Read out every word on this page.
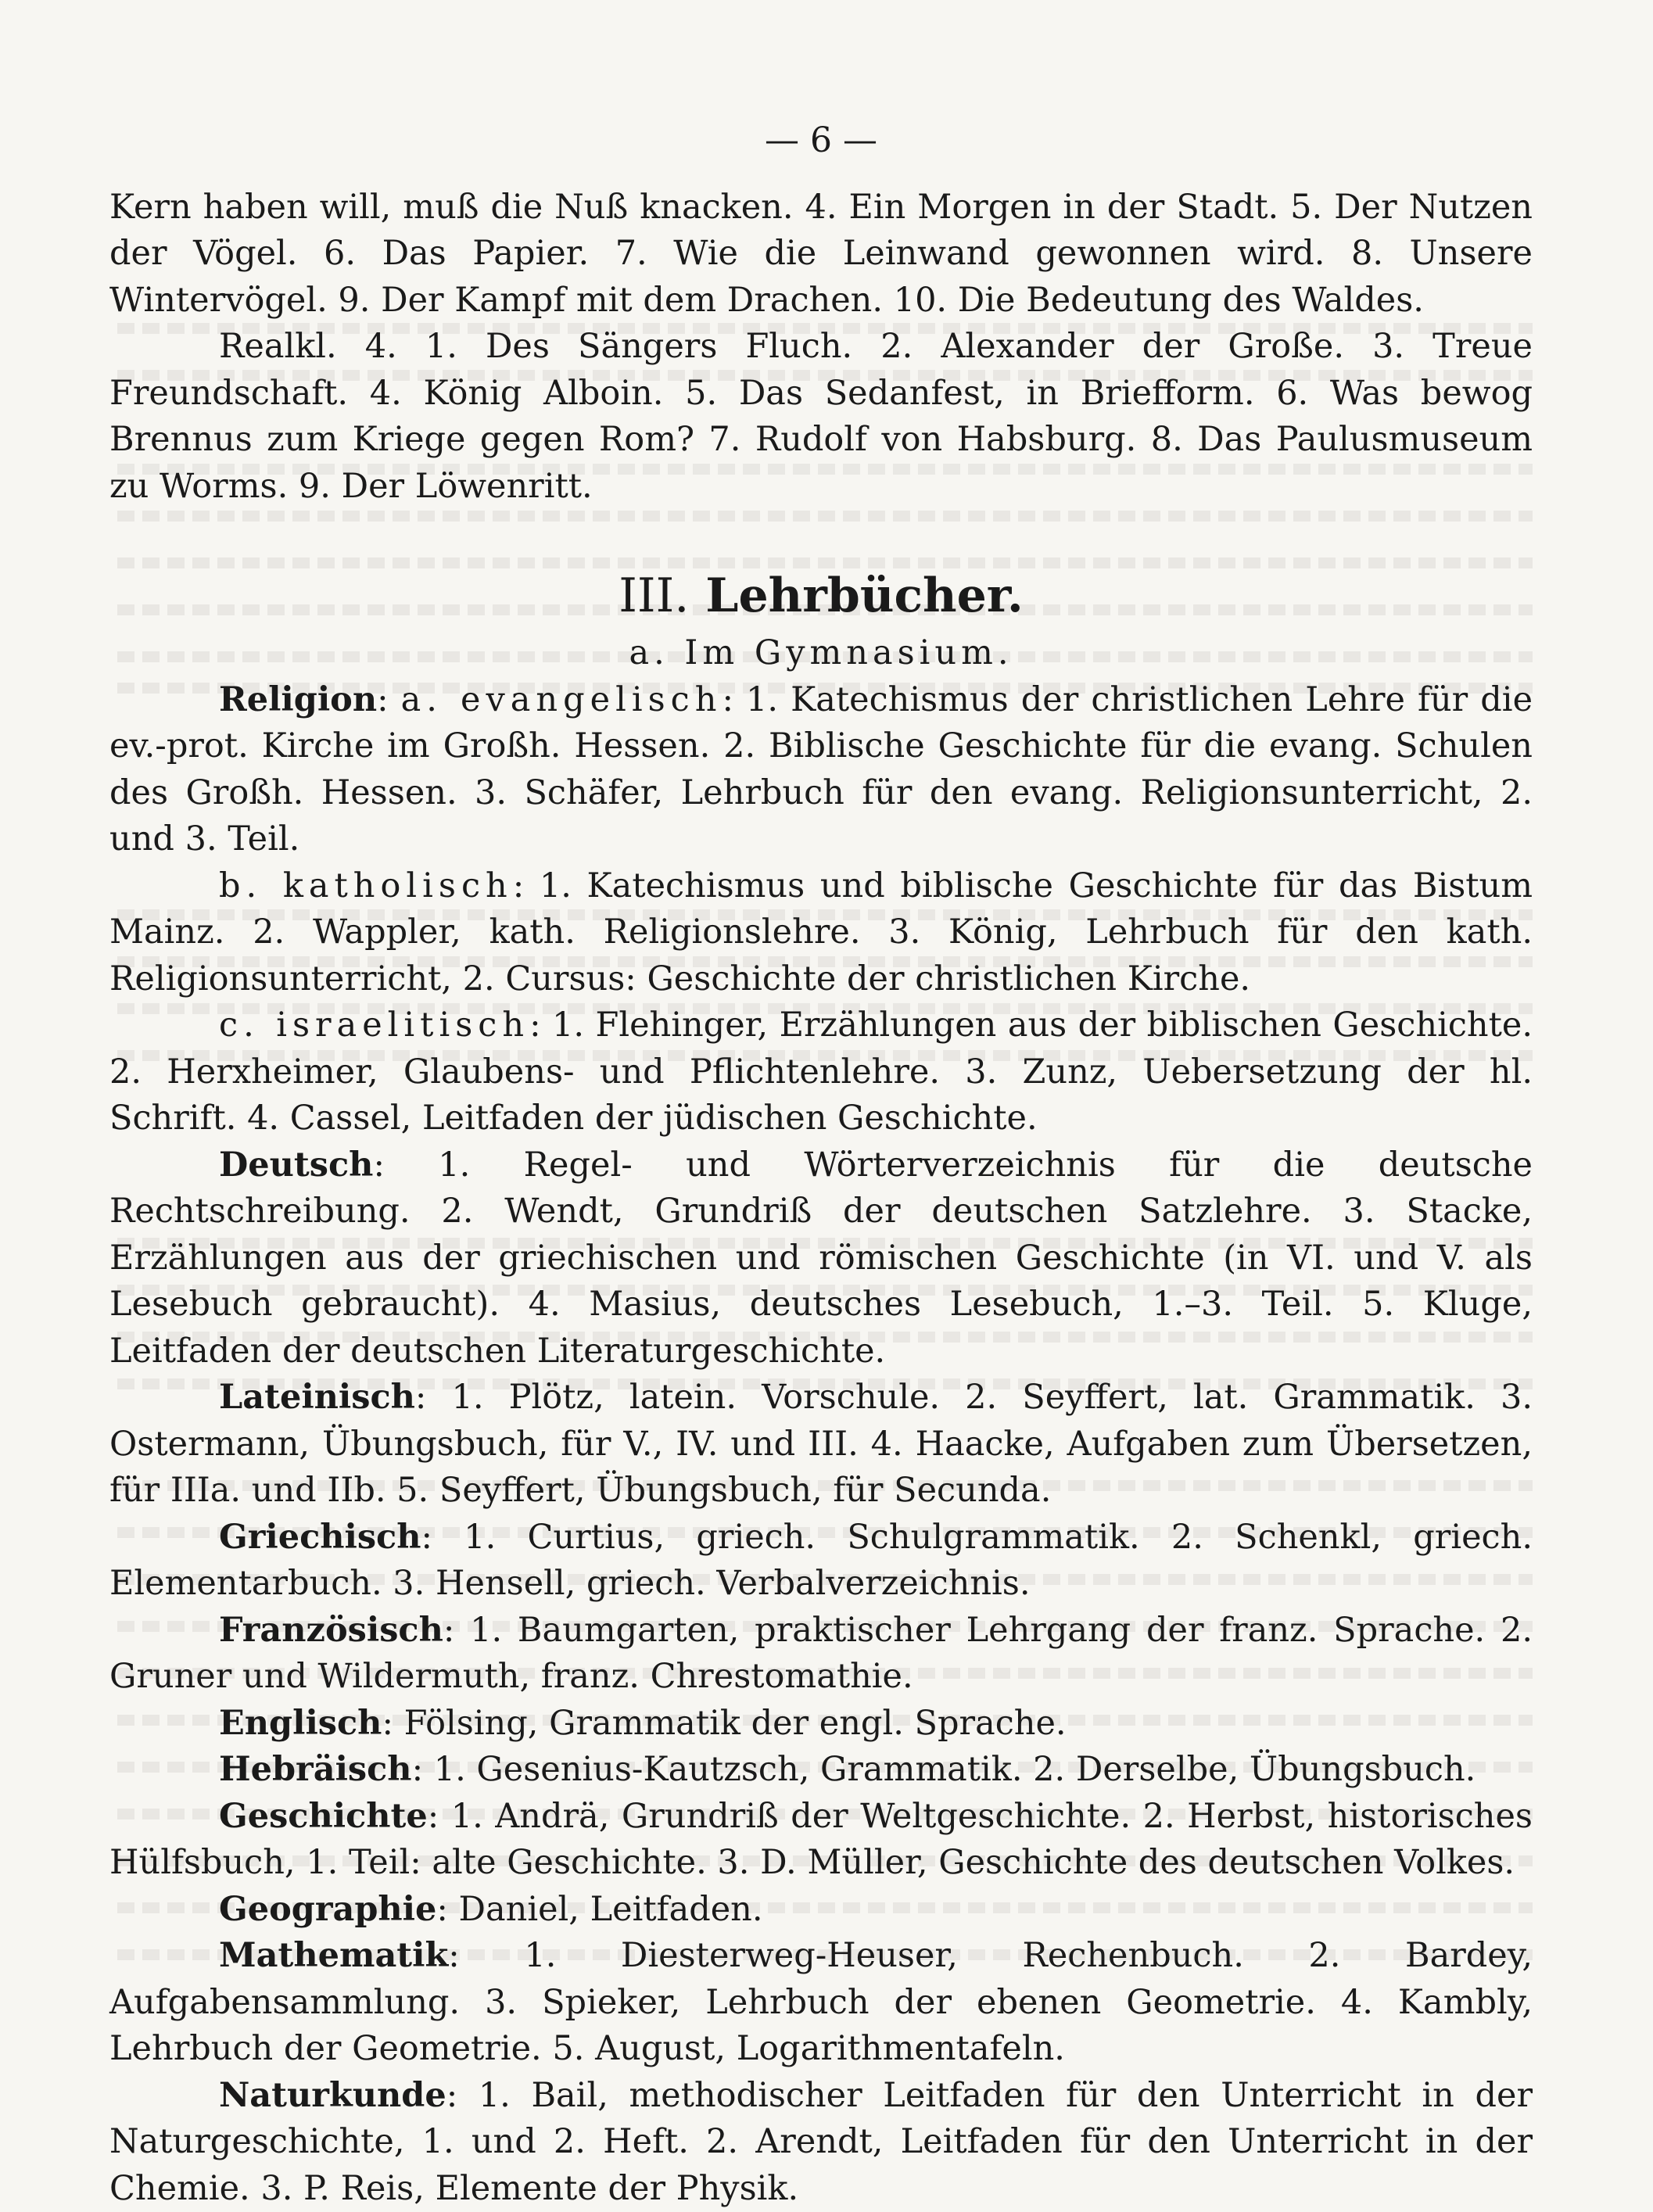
— 6 —

Kern haben will, muß die Nuß knacken. 4. Ein Morgen in der Stadt. 5. Der Nutzen der Vögel. 6. Das Papier. 7. Wie die Leinwand gewonnen wird. 8. Unsere Wintervögel. 9. Der Kampf mit dem Drachen. 10. Die Bedeutung des Waldes.

Realkl. 4. 1. Des Sängers Fluch. 2. Alexander der Große. 3. Treue Freundschaft. 4. König Alboin. 5. Das Sedanfest, in Briefform. 6. Was bewog Brennus zum Kriege gegen Rom? 7. Rudolf von Habsburg. 8. Das Paulusmuseum zu Worms. 9. Der Löwenritt.

III. Lehrbücher.
a. Im Gymnasium.

Religion: a. evangelisch: 1. Katechismus der christlichen Lehre für die ev.-prot. Kirche im Großh. Hessen. 2. Biblische Geschichte für die evang. Schulen des Großh. Hessen. 3. Schäfer, Lehrbuch für den evang. Religionsunterricht, 2. und 3. Teil.

b. katholisch: 1. Katechismus und biblische Geschichte für das Bistum Mainz. 2. Wappler, kath. Religionslehre. 3. König, Lehrbuch für den kath. Religionsunterricht, 2. Cursus: Geschichte der christlichen Kirche.

c. israelitisch: 1. Flehinger, Erzählungen aus der biblischen Geschichte. 2. Herxheimer, Glaubens- und Pflichtenlehre. 3. Zunz, Uebersetzung der hl. Schrift. 4. Cassel, Leitfaden der jüdischen Geschichte.

Deutsch: 1. Regel- und Wörterverzeichnis für die deutsche Rechtschreibung. 2. Wendt, Grundriß der deutschen Satzlehre. 3. Stacke, Erzählungen aus der griechischen und römischen Geschichte (in VI. und V. als Lesebuch gebraucht). 4. Masius, deutsches Lesebuch, 1.–3. Teil. 5. Kluge, Leitfaden der deutschen Literaturgeschichte.

Lateinisch: 1. Plötz, latein. Vorschule. 2. Seyffert, lat. Grammatik. 3. Ostermann, Übungsbuch, für V., IV. und III. 4. Haacke, Aufgaben zum Übersetzen, für IIIa. und IIb. 5. Seyffert, Übungsbuch, für Secunda.

Griechisch: 1. Curtius, griech. Schulgrammatik. 2. Schenkl, griech. Elementarbuch. 3. Hensell, griech. Verbalverzeichnis.

Französisch: 1. Baumgarten, praktischer Lehrgang der franz. Sprache. 2. Gruner und Wildermuth, franz. Chrestomathie.

Englisch: Fölsing, Grammatik der engl. Sprache.

Hebräisch: 1. Gesenius-Kautzsch, Grammatik. 2. Derselbe, Übungsbuch.

Geschichte: 1. Andrä, Grundriß der Weltgeschichte. 2. Herbst, historisches Hülfsbuch, 1. Teil: alte Geschichte. 3. D. Müller, Geschichte des deutschen Volkes.

Geographie: Daniel, Leitfaden.

Mathematik: 1. Diesterweg-Heuser, Rechenbuch. 2. Bardey, Aufgabensammlung. 3. Spieker, Lehrbuch der ebenen Geometrie. 4. Kambly, Lehrbuch der Geometrie. 5. August, Logarithmentafeln.

Naturkunde: 1. Bail, methodischer Leitfaden für den Unterricht in der Naturgeschichte, 1. und 2. Heft. 2. Arendt, Leitfaden für den Unterricht in der Chemie. 3. P. Reis, Elemente der Physik.
